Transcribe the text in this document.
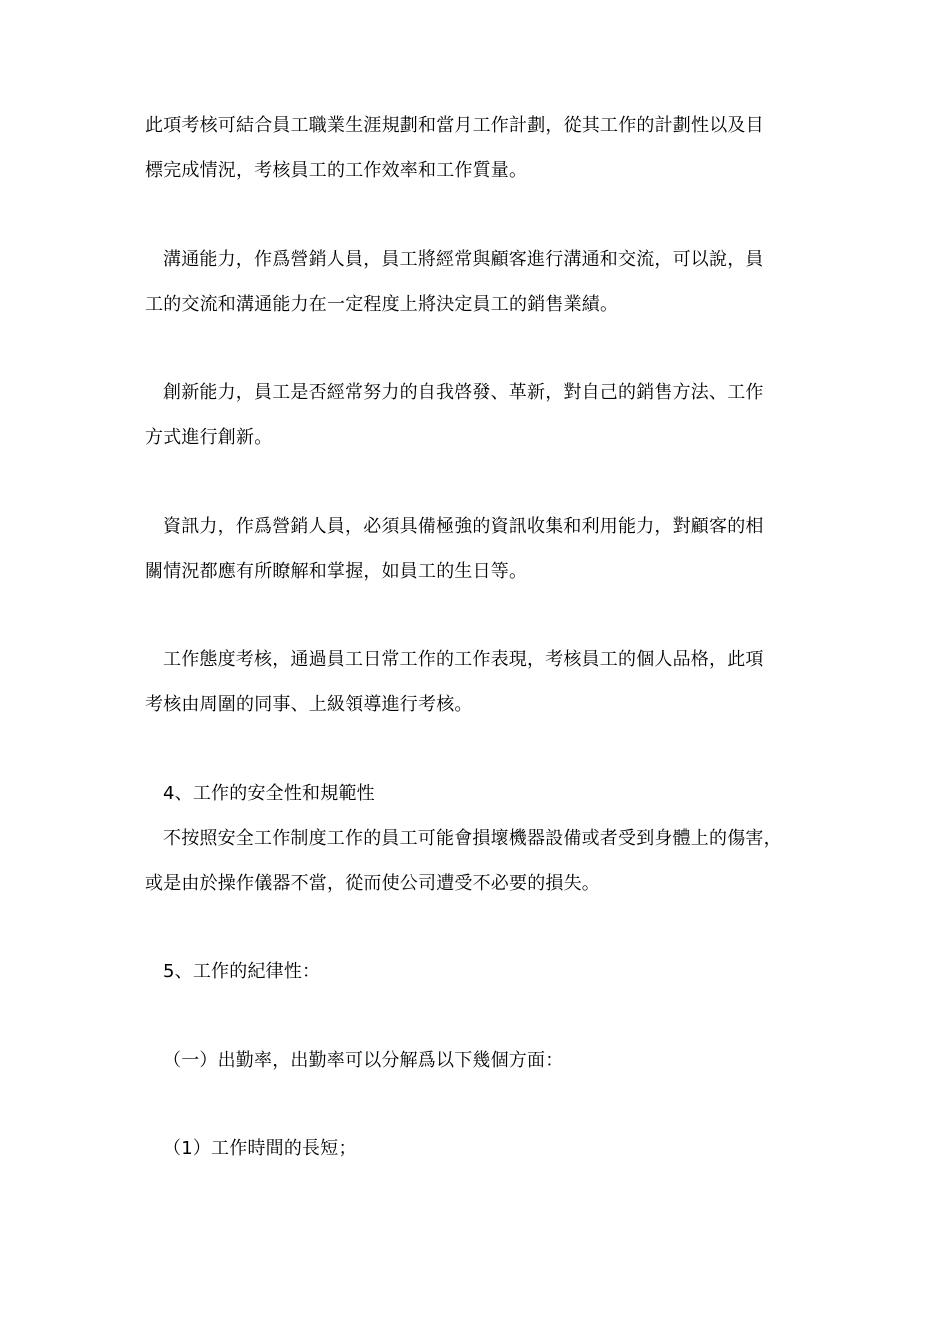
此項考核可結合員工職業生涯規劃和當月工作計劃，從其工作的計劃性以及目
標完成情況，考核員工的工作效率和工作質量。
溝通能力，作爲營銷人員，員工將經常與顧客進行溝通和交流，可以說，員
工的交流和溝通能力在一定程度上將決定員工的銷售業績。
創新能力，員工是否經常努力的自我啓發、革新，對自己的銷售方法、工作
方式進行創新。
資訊力，作爲營銷人員，必須具備極強的資訊收集和利用能力，對顧客的相
關情況都應有所瞭解和掌握，如員工的生日等。
工作態度考核，通過員工日常工作的工作表現，考核員工的個人品格，此項
考核由周圍的同事、上級領導進行考核。
4、工作的安全性和規範性
不按照安全工作制度工作的員工可能會損壞機器設備或者受到身體上的傷害，
或是由於操作儀器不當，從而使公司遭受不必要的損失。
5、工作的紀律性：
（一）出勤率，出勤率可以分解爲以下幾個方面：
（1）工作時間的長短；
